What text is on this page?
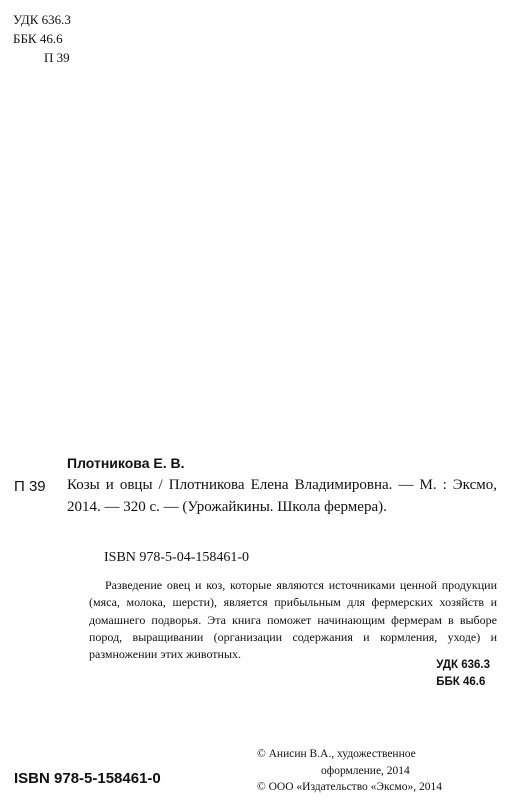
УДК 636.3
ББК 46.6
П 39
П 39
Плотникова Е. В.
Козы и овцы / Плотникова Елена Владимировна. — М. : Эксмо, 2014. — 320 с. — (Урожайкины. Школа фермера).
ISBN 978-5-04-158461-0
Разведение овец и коз, которые являются источниками ценной продукции (мяса, молока, шерсти), является прибыльным для фермерских хозяйств и домашнего подворья. Эта книга поможет начинающим фермерам в выборе пород, выращивании (организации содержания и кормления, уходе) и размножении этих животных.
УДК 636.3
ББК 46.6
ISBN 978-5-158461-0
© Анисин В.А., художественное
оформление, 2014
© ООО «Издательство «Эксмо», 2014
